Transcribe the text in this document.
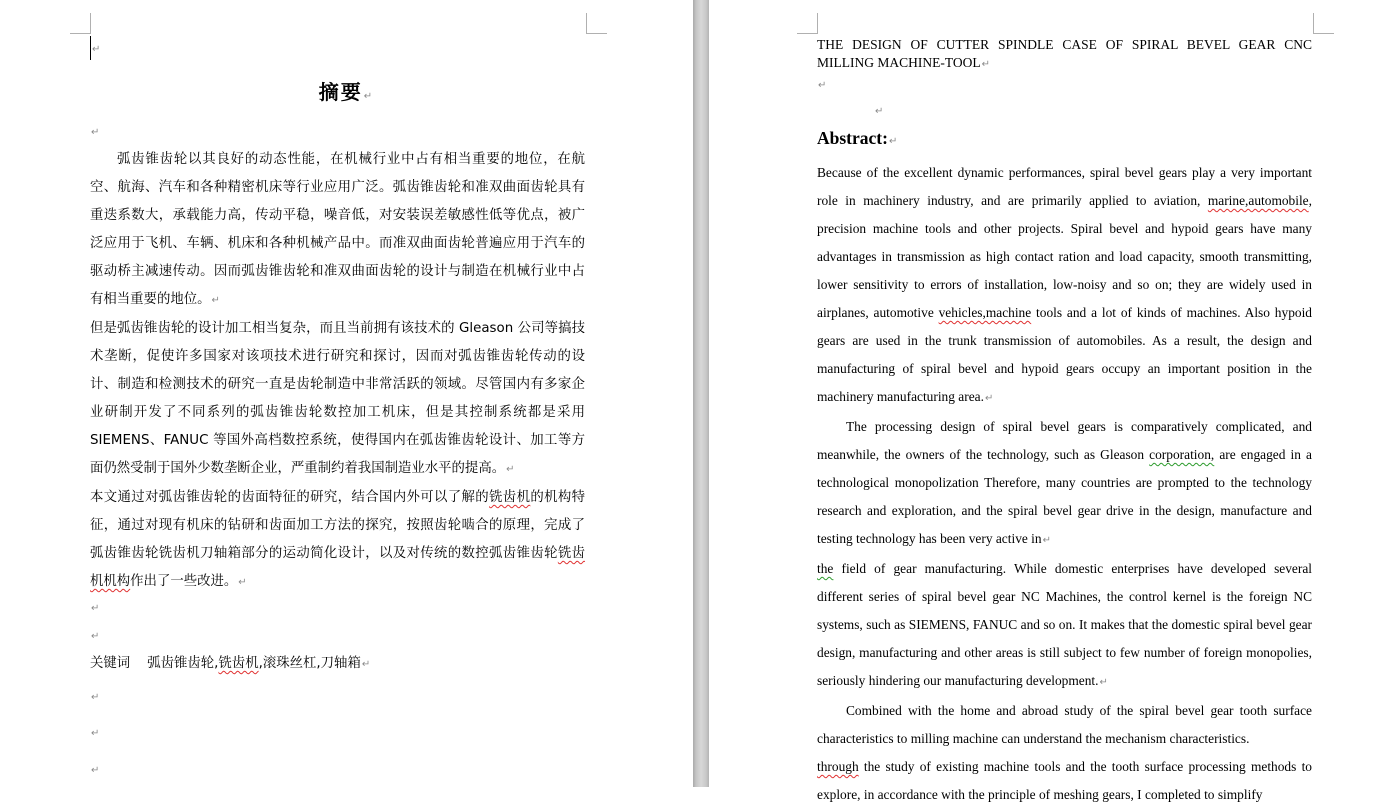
↵
摘要 ↵
↵

弧齿锥齿轮以其良好的动态性能，在机械行业中占有相当重要的地位，在航空、航海、汽车和各种精密机床等行业应用广泛。弧齿锥齿轮和准双曲面齿轮具有重迭系数大，承载能力高，传动平稳，噪音低，对安装误差敏感性低等优点，被广泛应用于飞机、车辆、机床和各种机械产品中。而准双曲面齿轮普遍应用于汽车的驱动桥主减速传动。因而弧齿锥齿轮和准双曲面齿轮的设计与制造在机械行业中占有相当重要的地位。 ↵

但是弧齿锥齿轮的设计加工相当复杂，而且当前拥有该技术的 Gleason 公司等搞技术垄断，促使许多国家对该项技术进行研究和探讨，因而对弧齿锥齿轮传动的设计、制造和检测技术的研究一直是齿轮制造中非常活跃的领域。尽管国内有多家企业研制开发了不同系列的弧齿锥齿轮数控加工机床，但是其控制系统都是采用 SIEMENS、FANUC 等国外高档数控系统，使得国内在弧齿锥齿轮设计、加工等方面仍然受制于国外少数垄断企业，严重制约着我国制造业水平的提高。 ↵

本文通过对弧齿锥齿轮的齿面特征的研究，结合国内外可以了解的铣齿机的机构特征，通过对现有机床的钻研和齿面加工方法的探究，按照齿轮啮合的原理，完成了弧齿锥齿轮铣齿机刀轴箱部分的运动简化设计，以及对传统的数控弧齿锥齿轮铣齿机机构作出了一些改进。 ↵

↵
↵
关键词 弧齿锥齿轮,铣齿机,滚珠丝杠,刀轴箱 ↵
↵
↵
↵
THE DESIGN OF CUTTER SPINDLE CASE OF SPIRAL BEVEL GEAR CNC MILLING MACHINE-TOOL ↵
↵
↵
Abstract: ↵

Because of the excellent dynamic performances, spiral bevel gears play a very important role in machinery industry, and are primarily applied to aviation, marine,automobile, precision machine tools and other projects. Spiral bevel and hypoid gears have many advantages in transmission as high contact ration and load capacity, smooth transmitting, lower sensitivity to errors of installation, low-noisy and so on; they are widely used in airplanes, automotive vehicles,machine tools and a lot of kinds of machines. Also hypoid gears are used in the trunk transmission of automobiles. As a result, the design and manufacturing of spiral bevel and hypoid gears occupy an important position in the machinery manufacturing area. ↵

The processing design of spiral bevel gears is comparatively complicated, and meanwhile, the owners of the technology, such as Gleason corporation, are engaged in a technological monopolization Therefore, many countries are prompted to the technology research and exploration, and the spiral bevel gear drive in the design, manufacture and testing technology has been very active in ↵

the field of gear manufacturing. While domestic enterprises have developed several different series of spiral bevel gear NC Machines, the control kernel is the foreign NC systems, such as SIEMENS, FANUC and so on. It makes that the domestic spiral bevel gear design, manufacturing and other areas is still subject to few number of foreign monopolies, seriously hindering our manufacturing development. ↵

Combined with the home and abroad study of the spiral bevel gear tooth surface characteristics to milling machine can understand the mechanism characteristics.

through the study of existing machine tools and the tooth surface processing methods to explore, in accordance with the principle of meshing gears, I completed to simplify
